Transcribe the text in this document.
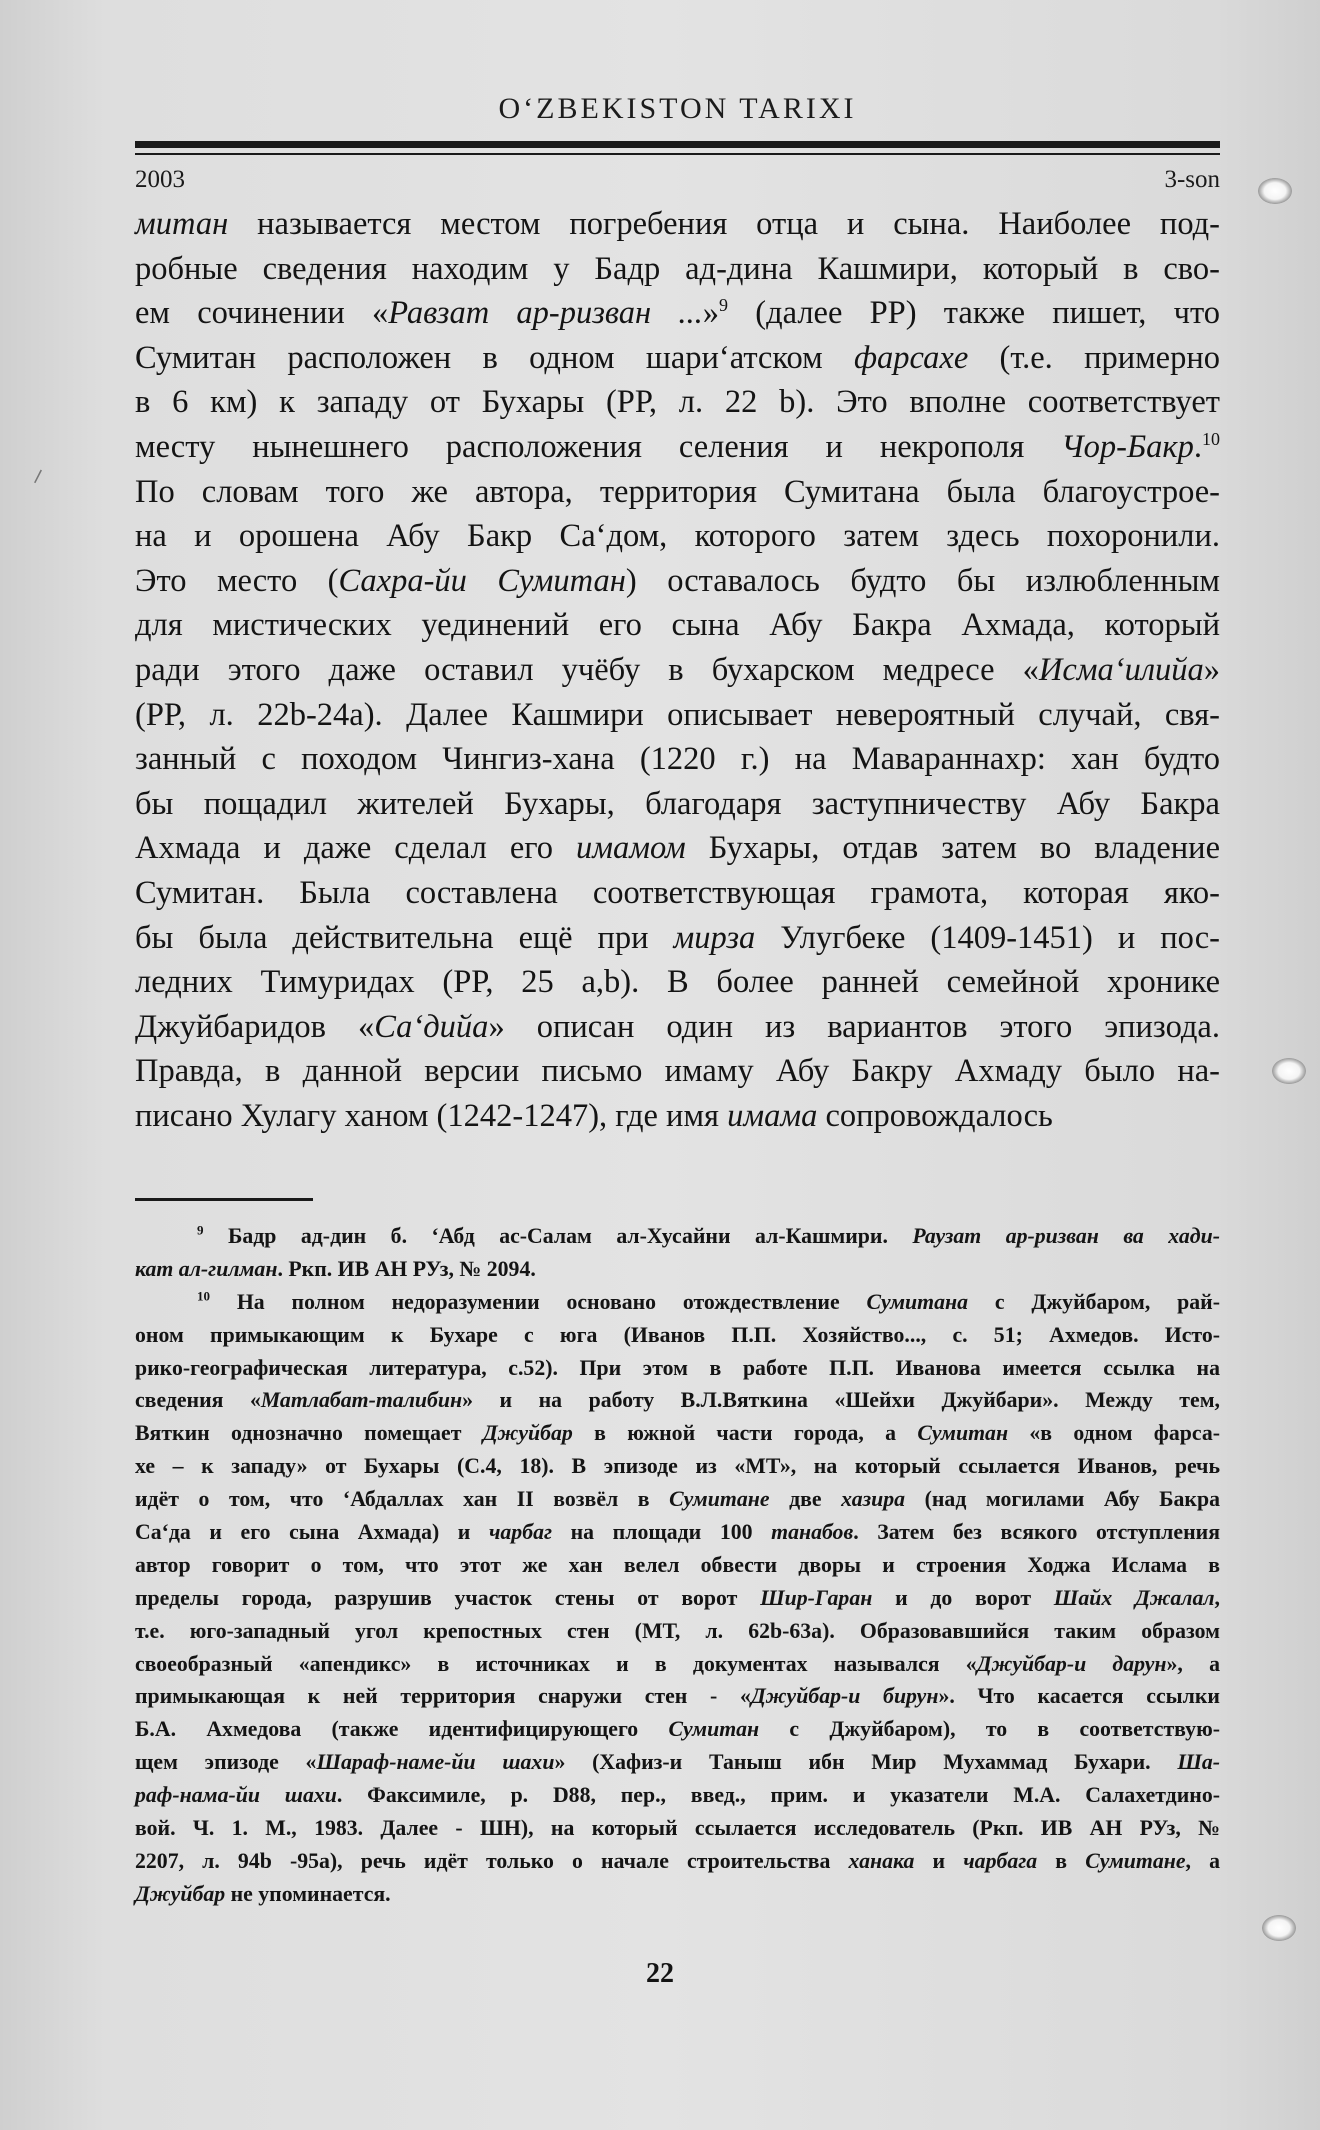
O‘ZBEKISTON TARIXI
2003	3-son
митан называется местом погребения отца и сына. Наиболее под-
робные сведения находим у Бадр ад-дина Кашмири, который в сво-
ем сочинении «Равзат ар-ризван ...»$^9$ (далее РР) также пишет, что
Сумитан расположен в одном шари‘атском фарсахе (т.е. примерно
в 6 км) к западу от Бухары (РР, л. 22 b). Это вполне соответствует
месту нынешнего расположения селения и некрополя Чор-Бакр.$^{10}$
По словам того же автора, территория Сумитана была благоустрое-
на и орошена Абу Бакр Са‘дом, которого затем здесь похоронили.
Это место (Сахра-йи Сумитан) оставалось будто бы излюбленным
для мистических уединений его сына Абу Бакра Ахмада, который
ради этого даже оставил учёбу в бухарском медресе «Исма‘илийа»
(РР, л. 22b-24a). Далее Кашмири описывает невероятный случай, свя-
занный с походом Чингиз-хана (1220 г.) на Мавараннахр: хан будто
бы пощадил жителей Бухары, благодаря заступничеству Абу Бакра
Ахмада и даже сделал его имамом Бухары, отдав затем во владение
Сумитан. Была составлена соответствующая грамота, которая яко-
бы была действительна ещё при мирза Улугбеке (1409-1451) и пос-
ледних Тимуридах (РР, 25 a,b). В более ранней семейной хронике
Джуйбаридов «Са‘дийа» описан один из вариантов этого эпизода.
Правда, в данной версии письмо имаму Абу Бакру Ахмаду было на-
писано Хулагу ханом (1242-1247), где имя имама сопровождалось
$^9$ Бадр ад-дин б. ‘Абд ас-Салам ал-Хусайни ал-Кашмири. Раузат ар-ризван ва хади-
кат ал-гилман. Ркп. ИВ АН РУз, № 2094.
$^{10}$ На полном недоразумении основано отождествление Сумитана с Джуйбаром, рай-
оном примыкающим к Бухаре с юга (Иванов П.П. Хозяйство..., с. 51; Ахмедов. Исто-
рико-географическая литература, с.52). При этом в работе П.П. Иванова имеется ссылка на
сведения «Матлабат-талибин» и на работу В.Л.Вяткина «Шейхи Джуйбари». Между тем,
Вяткин однозначно помещает Джуйбар в южной части города, а Сумитан «в одном фарса-
хе – к западу» от Бухары (С.4, 18). В эпизоде из «МТ», на который ссылается Иванов, речь
идёт о том, что ‘Абдаллах хан II возвёл в Сумитане две хазира (над могилами Абу Бакра
Са‘да и его сына Ахмада) и чарбаг на площади 100 танабов. Затем без всякого отступления
автор говорит о том, что этот же хан велел обвести дворы и строения Ходжа Ислама в
пределы города, разрушив участок стены от ворот Шир-Гаран и до ворот Шайх Джалал,
т.е. юго-западный угол крепостных стен (МТ, л. 62b-63a). Образовавшийся таким образом
своеобразный «апендикс» в источниках и в документах назывался «Джуйбар-и дарун», а
примыкающая к ней территория снаружи стен - «Джуйбар-и бирун». Что касается ссылки
Б.А. Ахмедова (также идентифицирующего Сумитан с Джуйбаром), то в соответствую-
щем эпизоде «Шараф-наме-йи шахи» (Хафиз-и Таныш ибн Мир Мухаммад Бухари. Ша-
раф-нама-йи шахи. Факсимиле, р. D88, пер., введ., прим. и указатели М.А. Салахетдино-
вой. Ч. 1. М., 1983. Далее - ШН), на который ссылается исследователь (Ркп. ИВ АН РУз, №
2207, л. 94b -95a), речь идёт только о начале строительства ханака и чарбага в Сумитане, а
Джуйбар не упоминается.
22
⸝
